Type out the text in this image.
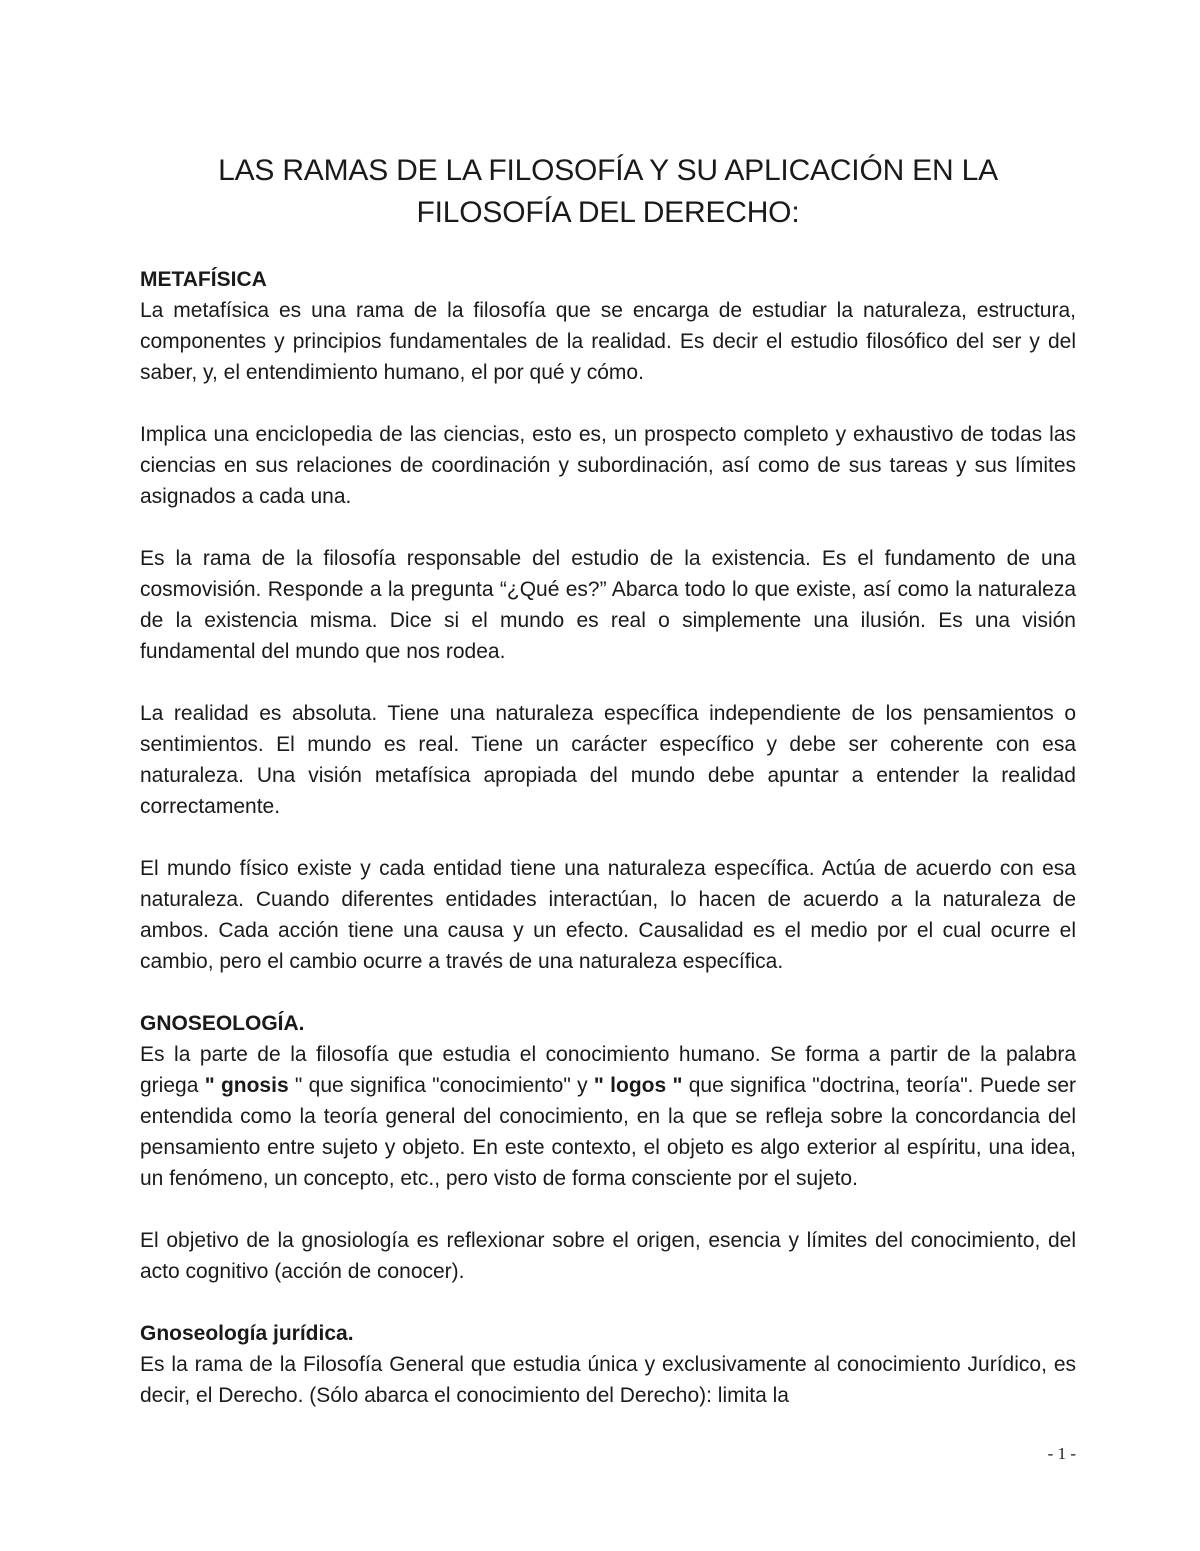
LAS RAMAS DE LA FILOSOFÍA Y SU APLICACIÓN EN LA
FILOSOFÍA DEL DERECHO:
METAFÍSICA

La metafísica es una rama de la filosofía que se encarga de estudiar la naturaleza, estructura, componentes y principios fundamentales de la realidad. Es decir el estudio filosófico del ser y del saber, y, el entendimiento humano, el por qué y cómo.

Implica una enciclopedia de las ciencias, esto es, un prospecto completo y exhaustivo de todas las ciencias en sus relaciones de coordinación y subordinación, así como de sus tareas y sus límites asignados a cada una.

Es la rama de la filosofía responsable del estudio de la existencia. Es el fundamento de una cosmovisión. Responde a la pregunta “¿Qué es?” Abarca todo lo que existe, así como la naturaleza de la existencia misma. Dice si el mundo es real o simplemente una ilusión. Es una visión fundamental del mundo que nos rodea.

La realidad es absoluta. Tiene una naturaleza específica independiente de los pensamientos o sentimientos. El mundo es real. Tiene un carácter específico y debe ser coherente con esa naturaleza. Una visión metafísica apropiada del mundo debe apuntar a entender la realidad correctamente.

El mundo físico existe y cada entidad tiene una naturaleza específica. Actúa de acuerdo con esa naturaleza. Cuando diferentes entidades interactúan, lo hacen de acuerdo a la naturaleza de ambos. Cada acción tiene una causa y un efecto. Causalidad es el medio por el cual ocurre el cambio, pero el cambio ocurre a través de una naturaleza específica.

GNOSEOLOGÍA.

Es la parte de la filosofía que estudia el conocimiento humano. Se forma a partir de la palabra griega " gnosis " que significa "conocimiento" y " logos " que significa "doctrina, teoría". Puede ser entendida como la teoría general del conocimiento, en la que se refleja sobre la concordancia del pensamiento entre sujeto y objeto. En este contexto, el objeto es algo exterior al espíritu, una idea, un fenómeno, un concepto, etc., pero visto de forma consciente por el sujeto.

El objetivo de la gnosiología es reflexionar sobre el origen, esencia y límites del conocimiento, del acto cognitivo (acción de conocer).

Gnoseología jurídica.

Es la rama de la Filosofía General que estudia única y exclusivamente al conocimiento Jurídico, es decir, el Derecho. (Sólo abarca el conocimiento del Derecho): limita la

- 1 -
